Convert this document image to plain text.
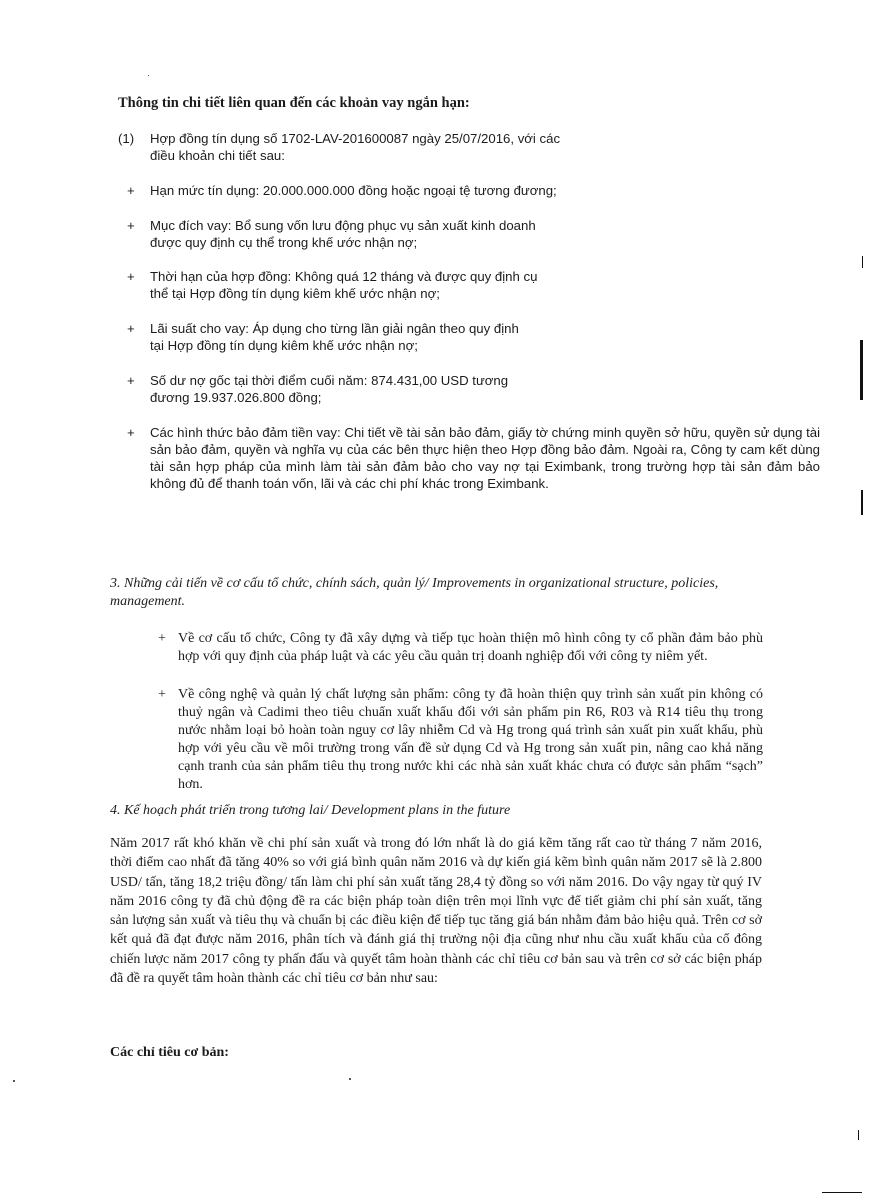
Thông tin chi tiết liên quan đến các khoản vay ngắn hạn:
(1) Hợp đồng tín dụng số 1702-LAV-201600087 ngày 25/07/2016, với các điều khoản chi tiết sau:
+ Hạn mức tín dụng: 20.000.000.000 đồng hoặc ngoại tệ tương đương;
+ Mục đích vay: Bổ sung vốn lưu động phục vụ sản xuất kinh doanh được quy định cụ thể trong khế ước nhận nợ;
+ Thời hạn của hợp đồng: Không quá 12 tháng và được quy định cụ thể tại Hợp đồng tín dụng kiêm khế ước nhận nợ;
+ Lãi suất cho vay: Áp dụng cho từng lần giải ngân theo quy định tại Hợp đồng tín dụng kiêm khế ước nhận nợ;
+ Số dư nợ gốc tại thời điểm cuối năm: 874.431,00 USD tương đương 19.937.026.800 đồng;
+ Các hình thức bảo đảm tiền vay: Chi tiết về tài sản bảo đảm, giấy tờ chứng minh quyền sở hữu, quyền sử dụng tài sản bảo đảm, quyền và nghĩa vụ của các bên thực hiện theo Hợp đồng bảo đảm. Ngoài ra, Công ty cam kết dùng tài sản hợp pháp của mình làm tài sản đảm bảo cho vay nợ tại Eximbank, trong trường hợp tài sản đảm bảo không đủ để thanh toán vốn, lãi và các chi phí khác trong Eximbank.
3. Những cải tiến về cơ cấu tổ chức, chính sách, quản lý/ Improvements in organizational structure, policies, management.
+ Về cơ cấu tổ chức, Công ty đã xây dựng và tiếp tục hoàn thiện mô hình công ty cổ phần đảm bảo phù hợp với quy định của pháp luật và các yêu cầu quản trị doanh nghiệp đối với công ty niêm yết.
+ Về công nghệ và quản lý chất lượng sản phẩm: công ty đã hoàn thiện quy trình sản xuất pin không có thuỷ ngân và Cadimi theo tiêu chuẩn xuất khẩu đối với sản phẩm pin R6, R03 và R14 tiêu thụ trong nước nhằm loại bỏ hoàn toàn nguy cơ lây nhiễm Cd và Hg trong quá trình sản xuất pin xuất khẩu, phù hợp với yêu cầu về môi trường trong vấn đề sử dụng Cd và Hg trong sản xuất pin, nâng cao khả năng cạnh tranh của sản phẩm tiêu thụ trong nước khi các nhà sản xuất khác chưa có được sản phẩm “sạch” hơn.
4. Kế hoạch phát triển trong tương lai/ Development plans in the future
Năm 2017 rất khó khăn về chi phí sản xuất và trong đó lớn nhất là do giá kẽm tăng rất cao từ tháng 7 năm 2016, thời điểm cao nhất đã tăng 40% so với giá bình quân năm 2016 và dự kiến giá kẽm bình quân năm 2017 sẽ là 2.800 USD/ tấn, tăng 18,2 triệu đồng/ tấn làm chi phí sản xuất tăng 28,4 tỷ đồng so với năm 2016. Do vậy ngay từ quý IV năm 2016 công ty đã chủ động đề ra các biện pháp toàn diện trên mọi lĩnh vực để tiết giảm chi phí sản xuất, tăng sản lượng sản xuất và tiêu thụ và chuẩn bị các điều kiện để tiếp tục tăng giá bán nhằm đảm bảo hiệu quả. Trên cơ sở kết quả đã đạt được năm 2016, phân tích và đánh giá thị trường nội địa cũng như nhu cầu xuất khẩu của cổ đông chiến lược năm 2017 công ty phấn đấu và quyết tâm hoàn thành các chỉ tiêu cơ bản sau và trên cơ sở các biện pháp đã đề ra quyết tâm hoàn thành các chỉ tiêu cơ bản như sau:
Các chỉ tiêu cơ bản:
